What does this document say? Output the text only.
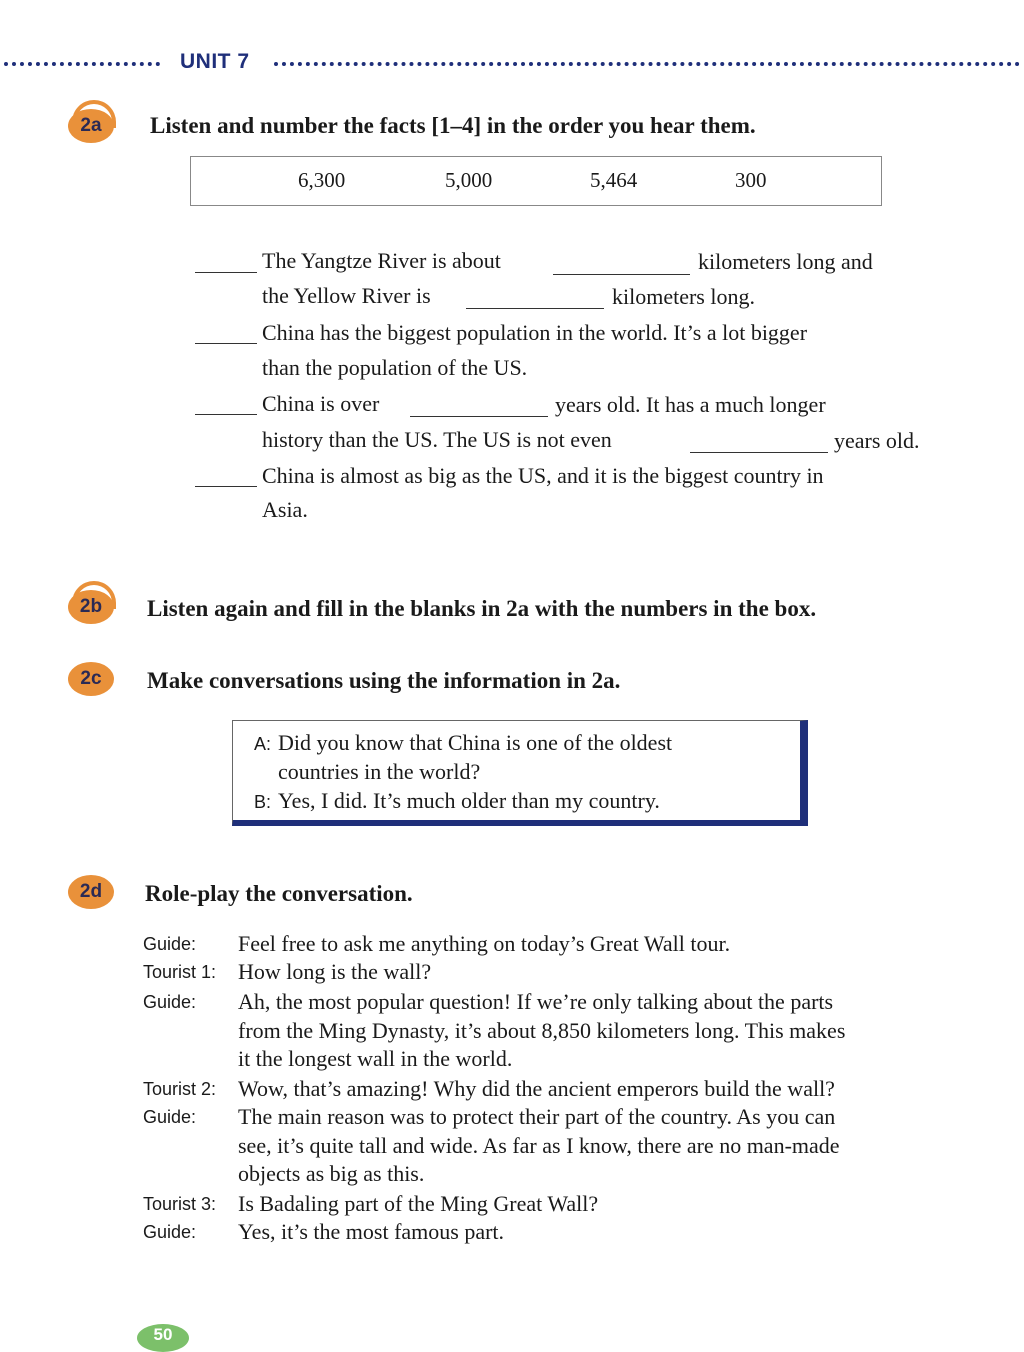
UNIT 7
2a Listen and number the facts [1–4] in the order you hear them.
6,300	5,000	5,464	300
The Yangtze River is about	kilometers long and
the Yellow River is	kilometers long.
China has the biggest population in the world. It’s a lot bigger
than the population of the US.
China is over	years old. It has a much longer
history than the US. The US is not even	years old.
China is almost as big as the US, and it is the biggest country in
Asia.
2b Listen again and fill in the blanks in 2a with the numbers in the box.
2c Make conversations using the information in 2a.
A: Did you know that China is one of the oldest
countries in the world?
B: Yes, I did. It’s much older than my country.
2d Role-play the conversation.
Guide: Feel free to ask me anything on today’s Great Wall tour.
Tourist 1: How long is the wall?
Guide: Ah, the most popular question! If we’re only talking about the parts
from the Ming Dynasty, it’s about 8,850 kilometers long. This makes
it the longest wall in the world.
Tourist 2: Wow, that’s amazing! Why did the ancient emperors build the wall?
Guide: The main reason was to protect their part of the country. As you can
see, it’s quite tall and wide. As far as I know, there are no man-made
objects as big as this.
Tourist 3: Is Badaling part of the Ming Great Wall?
Guide: Yes, it’s the most famous part.
50
